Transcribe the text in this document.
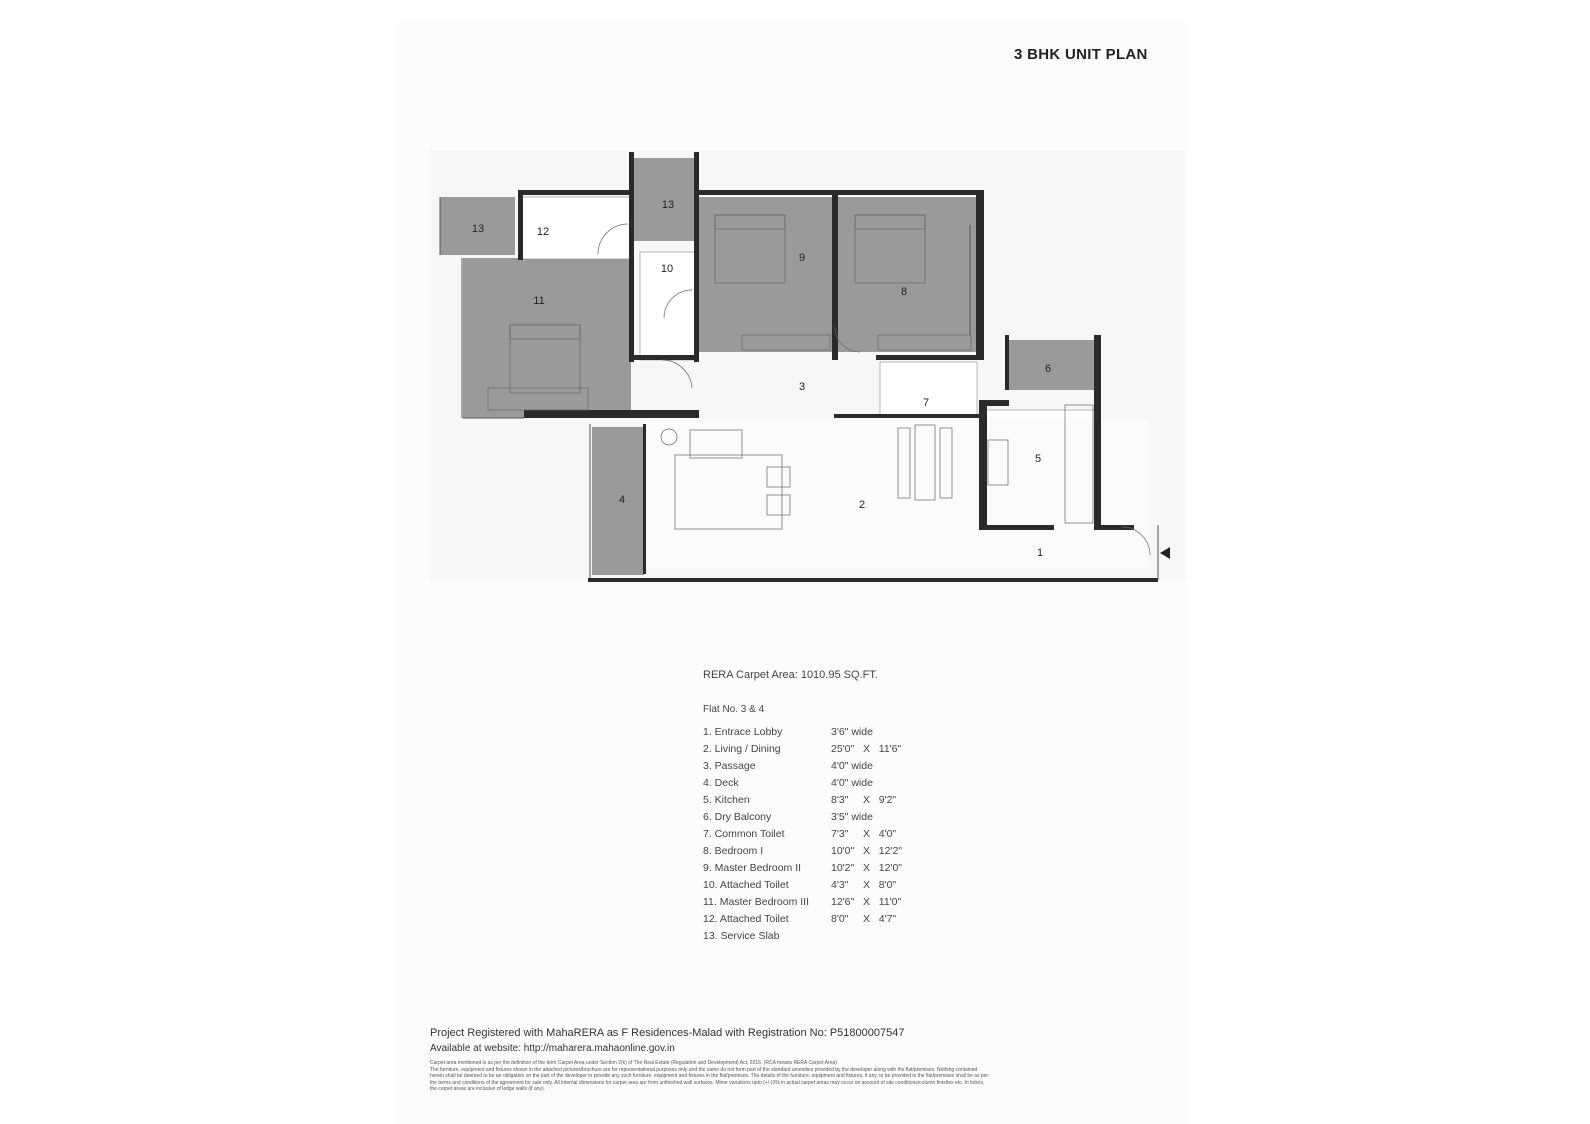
3 BHK UNIT PLAN
1
2
3
4
5
6
7
8
9
10
11
12
13
13
RERA Carpet Area: 1010.95 SQ.FT.
Flat No. 3 & 4
1. Entrace Lobby	3'6" wide
2. Living / Dining	25'0"   X   11'6"
3. Passage	4'0" wide
4. Deck	4'0" wide
5. Kitchen	8'3"     X   9'2"
6. Dry Balcony	3'5" wide
7. Common Toilet	7'3"     X   4'0"
8. Bedroom I	10'0"   X   12'2"
9. Master Bedroom II	10'2"   X   12'0"
10. Attached Toilet	4'3"     X   8'0"
11. Master Bedroom III 12'6"   X   11'0"
12. Attached Toilet	8'0"     X   4'7"
13. Service Slab
Project Registered with MahaRERA as F Residences-Malad with Registration No: P51800007547
Available at website: http://maharera.mahaonline.gov.in
Carpet area mentioned is as per the definition of the term Carpet Area under Section 2(k) of The Real Estate (Regulation and Development) Act, 2016. (RCA means RERA Carpet Area)
The furniture, equipment and fixtures shown in the attached pictures/brochure are for representational purposes only and the same do not form part of the standard amenities provided by the developer along with the flat/premises. Nothing contained
herein shall be deemed to be an obligation on the part of the developer to provide any such furniture, equipment and fixtures in the flat/premises. The details of the furniture, equipment and fixtures, if any, to be provided in the flat/premises shall be as per
the terms and conditions of the agreement for sale only. All internal dimensions for carpet area are from unfinished wall surfaces. Minor variations upto (+/-)3% in actual carpet areas may occur on account of site conditions/column finishes etc. In toilets,
the carpet areas are inclusive of ledge walls (if any).
